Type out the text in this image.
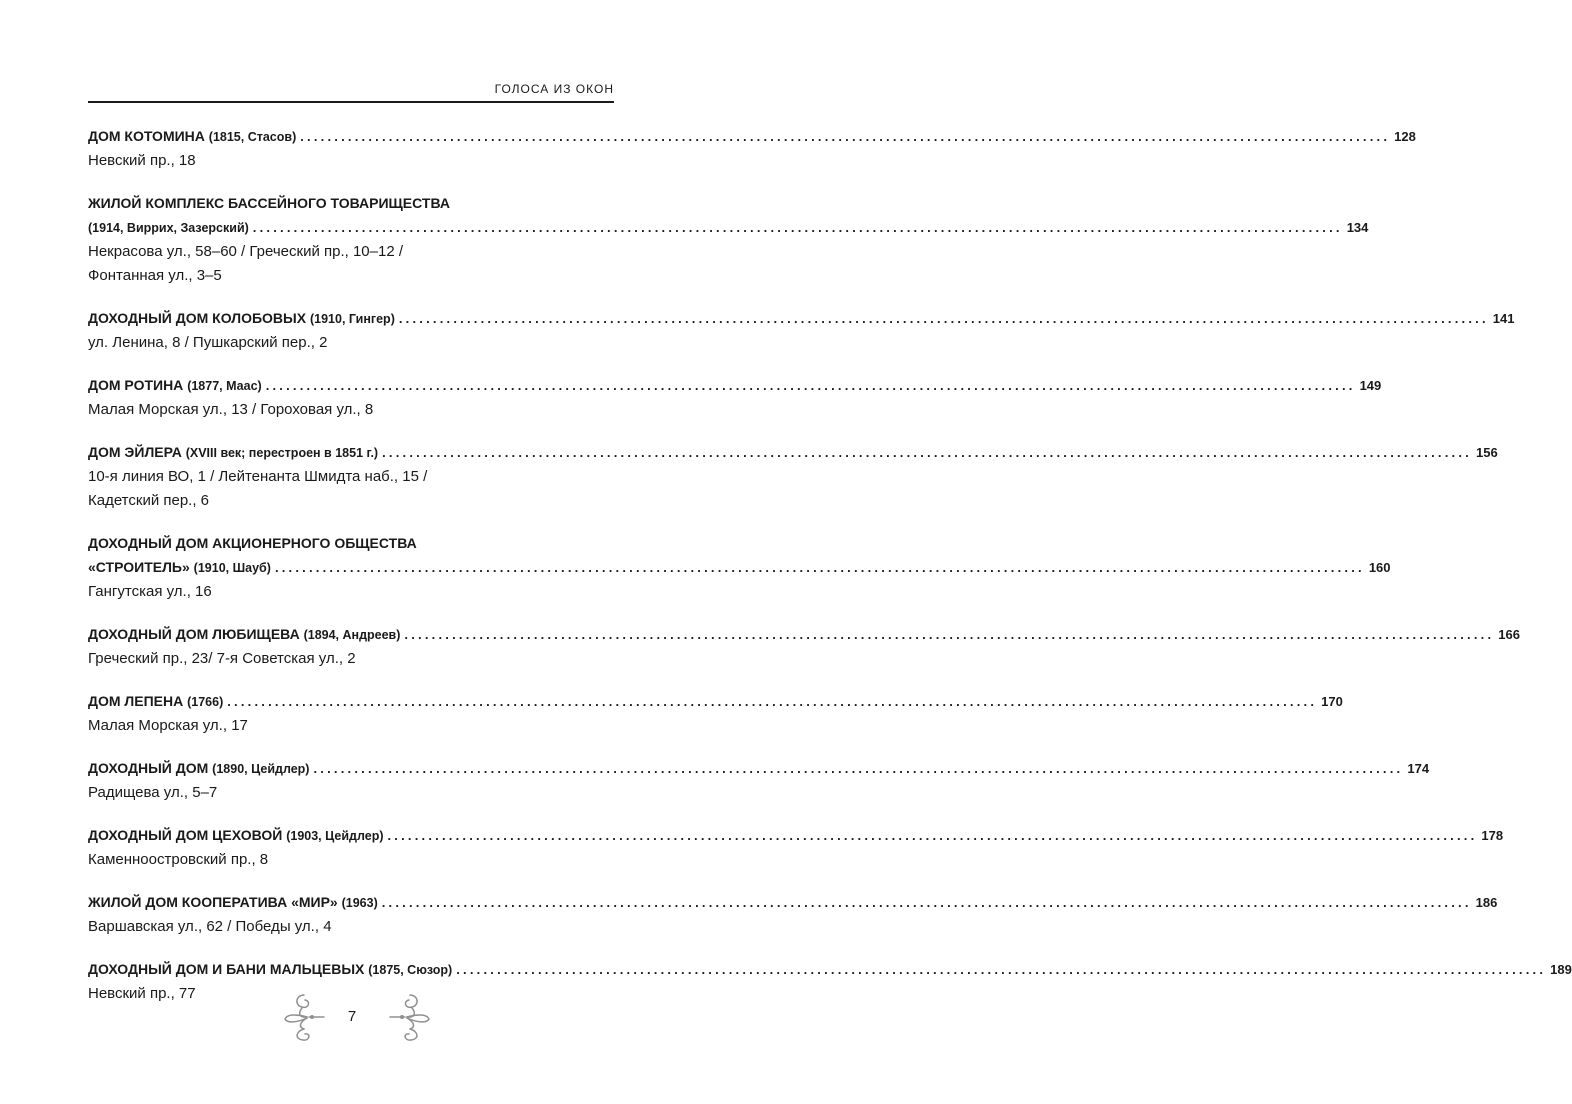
ГОЛОСА ИЗ ОКОН
ДОМ КОТОМИНА (1815, Стасов) ................................................................................................................................................................ 128
Невский пр., 18
ЖИЛОЙ КОМПЛЕКС БАССЕЙНОГО ТОВАРИЩЕСТВА
(1914, Виррих, Зазерский) ................................................................................................................................................................ 134
Некрасова ул., 58–60 / Греческий пр., 10–12 /
Фонтанная ул., 3–5
ДОХОДНЫЙ ДОМ КОЛОБОВЫХ (1910, Гингер) ................................................................................................................................................................ 141
ул. Ленина, 8 / Пушкарский пер., 2
ДОМ РОТИНА (1877, Маас) ................................................................................................................................................................ 149
Малая Морская ул., 13 / Гороховая ул., 8
ДОМ ЭЙЛЕРА (XVIII век; перестроен в 1851 г.) ................................................................................................................................................................ 156
10-я линия ВО, 1 / Лейтенанта Шмидта наб., 15 /
Кадетский пер., 6
ДОХОДНЫЙ ДОМ АКЦИОНЕРНОГО ОБЩЕСТВА
«СТРОИТЕЛЬ» (1910, Шауб) ................................................................................................................................................................ 160
Гангутская ул., 16
ДОХОДНЫЙ ДОМ ЛЮБИЩЕВА (1894, Андреев) ................................................................................................................................................................ 166
Греческий пр., 23/ 7-я Советская ул., 2
ДОМ ЛЕПЕНА (1766) ................................................................................................................................................................ 170
Малая Морская ул., 17
ДОХОДНЫЙ ДОМ (1890, Цейдлер) ................................................................................................................................................................ 174
Радищева ул., 5–7
ДОХОДНЫЙ ДОМ ЦЕХОВОЙ (1903, Цейдлер) ................................................................................................................................................................ 178
Каменноостровский пр., 8
ЖИЛОЙ ДОМ КООПЕРАТИВА «МИР» (1963) ................................................................................................................................................................ 186
Варшавская ул., 62 / Победы ул., 4
ДОХОДНЫЙ ДОМ И БАНИ МАЛЬЦЕВЫХ (1875, Сюзор) ................................................................................................................................................................ 189
Невский пр., 77
7
